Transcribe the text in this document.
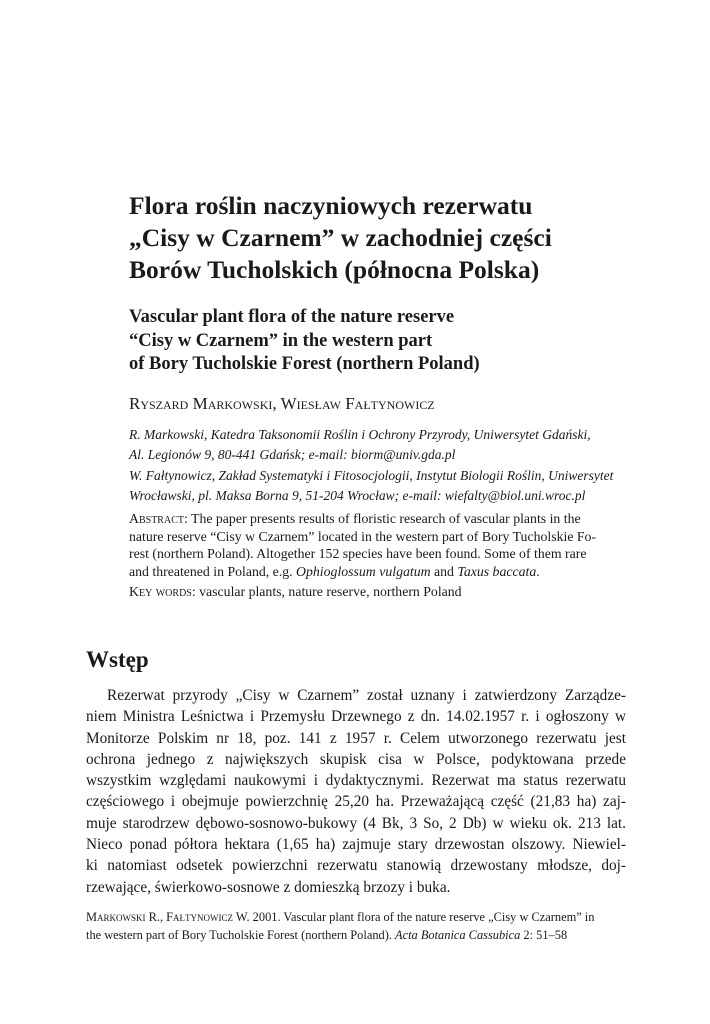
Flora roślin naczyniowych rezerwatu
„Cisy w Czarnem” w zachodniej części
Borów Tucholskich (północna Polska)
Vascular plant flora of the nature reserve
“Cisy w Czarnem” in the western part
of Bory Tucholskie Forest (northern Poland)
Ryszard Markowski, Wiesław Fałtynowicz
R. Markowski, Katedra Taksonomii Roślin i Ochrony Przyrody, Uniwersytet Gdański,
Al. Legionów 9, 80-441 Gdańsk; e-mail: biorm@univ.gda.pl
W. Fałtynowicz, Zakład Systematyki i Fitosocjologii, Instytut Biologii Roślin, Uniwersytet
Wrocławski, pl. Maksa Borna 9, 51-204 Wrocław; e-mail: wiefalty@biol.uni.wroc.pl
Abstract: The paper presents results of floristic research of vascular plants in the
nature reserve “Cisy w Czarnem” located in the western part of Bory Tucholskie Fo-
rest (northern Poland). Altogether 152 species have been found. Some of them rare
and threatened in Poland, e.g. Ophioglossum vulgatum and Taxus baccata.
Key words: vascular plants, nature reserve, northern Poland
Wstęp
Rezerwat przyrody „Cisy w Czarnem” został uznany i zatwierdzony Zarządze-
niem Ministra Leśnictwa i Przemysłu Drzewnego z dn. 14.02.1957 r. i ogłoszony w
Monitorze Polskim nr 18, poz. 141 z 1957 r. Celem utworzonego rezerwatu jest
ochrona jednego z największych skupisk cisa w Polsce, podyktowana przede
wszystkim względami naukowymi i dydaktycznymi. Rezerwat ma status rezerwatu
częściowego i obejmuje powierzchnię 25,20 ha. Przeważającą część (21,83 ha) zaj-
muje starodrzew dębowo-sosnowo-bukowy (4 Bk, 3 So, 2 Db) w wieku ok. 213 lat.
Nieco ponad półtora hektara (1,65 ha) zajmuje stary drzewostan olszowy. Niewiel-
ki natomiast odsetek powierzchni rezerwatu stanowią drzewostany młodsze, doj-
rzewające, świerkowo-sosnowe z domieszką brzozy i buka.
Markowski R., Fałtynowicz W. 2001. Vascular plant flora of the nature reserve „Cisy w Czarnem” in
the western part of Bory Tucholskie Forest (northern Poland). Acta Botanica Cassubica 2: 51–58
